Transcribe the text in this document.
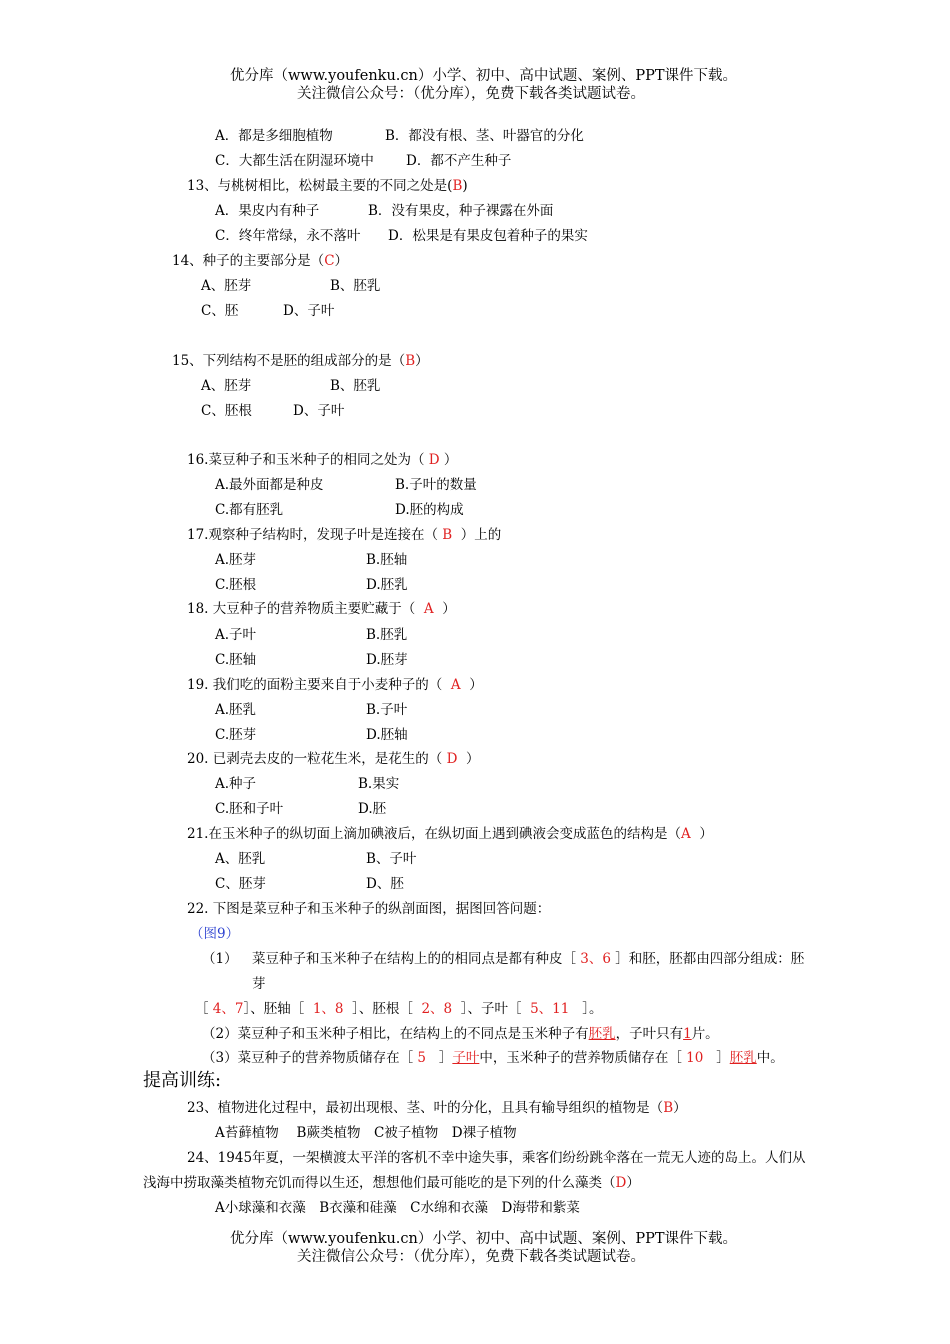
优分库（www.youfenku.cn）小学、初中、高中试题、案例、PPT课件下载。
关注微信公众号：（优分库），免费下载各类试题试卷。
A．都是多细胞植物	B．都没有根、茎、叶器官的分化
C．大都生活在阴湿环境中 D．都不产生种子
13、与桃树相比，松树最主要的不同之处是(B)
A．果皮内有种子	B．没有果皮，种子裸露在外面
C．终年常绿，永不落叶 D．松果是有果皮包着种子的果实
14、种子的主要部分是（C）
A、胚芽	B、胚乳
C、胚	D、子叶
15、下列结构不是胚的组成部分的是（B）
A、胚芽	B、胚乳
C、胚根	D、子叶
16.菜豆种子和玉米种子的相同之处为（ D ）
A.最外面都是种皮	B.子叶的数量
C.都有胚乳	D.胚的构成
17.观察种子结构时，发现子叶是连接在（ B ）上的
A.胚芽	B.胚轴
C.胚根	D.胚乳
18. 大豆种子的营养物质主要贮藏于（ A ）
A.子叶	B.胚乳
C.胚轴	D.胚芽
19. 我们吃的面粉主要来自于小麦种子的（ A ）
A.胚乳	B.子叶
C.胚芽	D.胚轴
20. 已剥壳去皮的一粒花生米，是花生的（ D ）
A.种子	B.果实
C.胚和子叶	D.胚
21.在玉米种子的纵切面上滴加碘液后，在纵切面上遇到碘液会变成蓝色的结构是（A ）
A、胚乳	B、子叶
C、胚芽	D、胚
22. 下图是菜豆种子和玉米种子的纵剖面图，据图回答问题：
（图9）
（1） 菜豆种子和玉米种子在结构上的的相同点是都有种皮［ 3、6 ］和胚，胚都由四部分组成：胚
芽
［ 4、7］、胚轴［ 1、8 ］、胚根［ 2、8 ］、子叶［ 5、11 ］。
（2）菜豆种子和玉米种子相比，在结构上的不同点是玉米种子有胚乳，子叶只有1片。
（3）菜豆种子的营养物质储存在［ 5 ］子叶中，玉米种子的营养物质储存在［ 10 ］胚乳中。
提高训练:
23、植物进化过程中，最初出现根、茎、叶的分化，且具有输导组织的植物是（B）
A苔藓植物　 B蕨类植物　C被子植物　D裸子植物
24、1945年夏，一架横渡太平洋的客机不幸中途失事，乘客们纷纷跳伞落在一荒无人迹的岛上。人们从
浅海中捞取藻类植物充饥而得以生还，想想他们最可能吃的是下列的什么藻类（D）
A小球藻和衣藻　B衣藻和硅藻　C水绵和衣藻　D海带和紫菜
优分库（www.youfenku.cn）小学、初中、高中试题、案例、PPT课件下载。
关注微信公众号：（优分库），免费下载各类试题试卷。
